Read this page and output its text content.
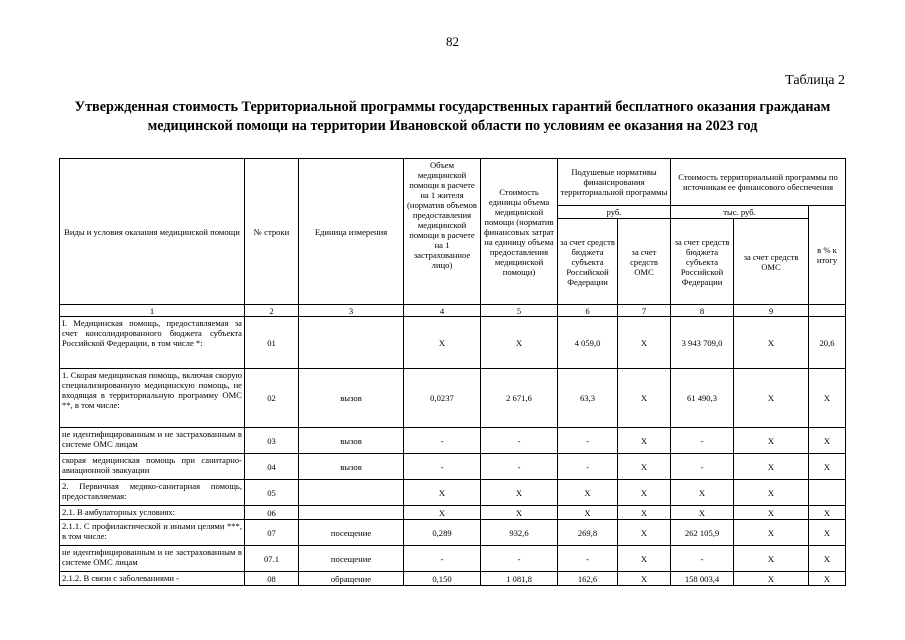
82
Таблица 2
Утвержденная стоимость Территориальной программы государственных гарантий бесплатного оказания гражданам медицинской помощи на территории Ивановской области по условиям ее оказания на 2023 год
Виды и условия оказания медицинской помощи	№ строки	Единица измерения	Объем медицинской помощи в расчете на 1 жителя (норматив объемов предоставления медицинской помощи в расчете на 1 застрахованное лицо)	Стоимость единицы объема медицинской помощи (норматив финансовых затрат на единицу объема предоставления медицинской помощи)	Подушевые нормативы финансирования территориальной программы		Стоимость территориальной программы по источникам ее финансового обеспечения		
					руб.		тыс. руб.		в % к итогу
					за счет средств бюджета субъекта Российской Федерации	за счет средств ОМС	за счет средств бюджета субъекта Российской Федерации	за счет средств ОМС	
1	2	3	4	5	6	7	8	9	
I. Медицинская помощь, предоставляемая за счет консолидированного бюджета субъекта Российской Федерации, в том числе *:	01		X	X	4 059,0	X	3 943 709,0	X	20,6
1. Скорая медицинская помощь, включая скорую специализированную медицинскую помощь, не входящая в территориальную программу ОМС **, в том числе:	02	вызов	0,0237	2 671,6	63,3	X	61 490,3	X	X
не идентифицированным и не застрахованным в системе ОМС лицам	03	вызов	-	-	-	X	-	X	X
скорая медицинская помощь при санитарно-авиационной эвакуации	04	вызов	-	-	-	X	-	X	X
2. Первичная медико-санитарная помощь, предоставляемая:	05		X	X	X	X	X	X	
2.1. В амбулаторных условиях:	06		X	X	X	X	X	X	X
2.1.1. С профилактической и иными целями ***, в том числе:	07	посещение	0,289	932,6	269,8	X	262 105,9	X	X
не идентифицированным и не застрахованным в системе ОМС лицам	07.1	посещение	-	-	-	X	-	X	X
2.1.2. В связи с заболеваниями -	08	обращение	0,150	1 081,8	162,6	X	158 003,4	X	X
